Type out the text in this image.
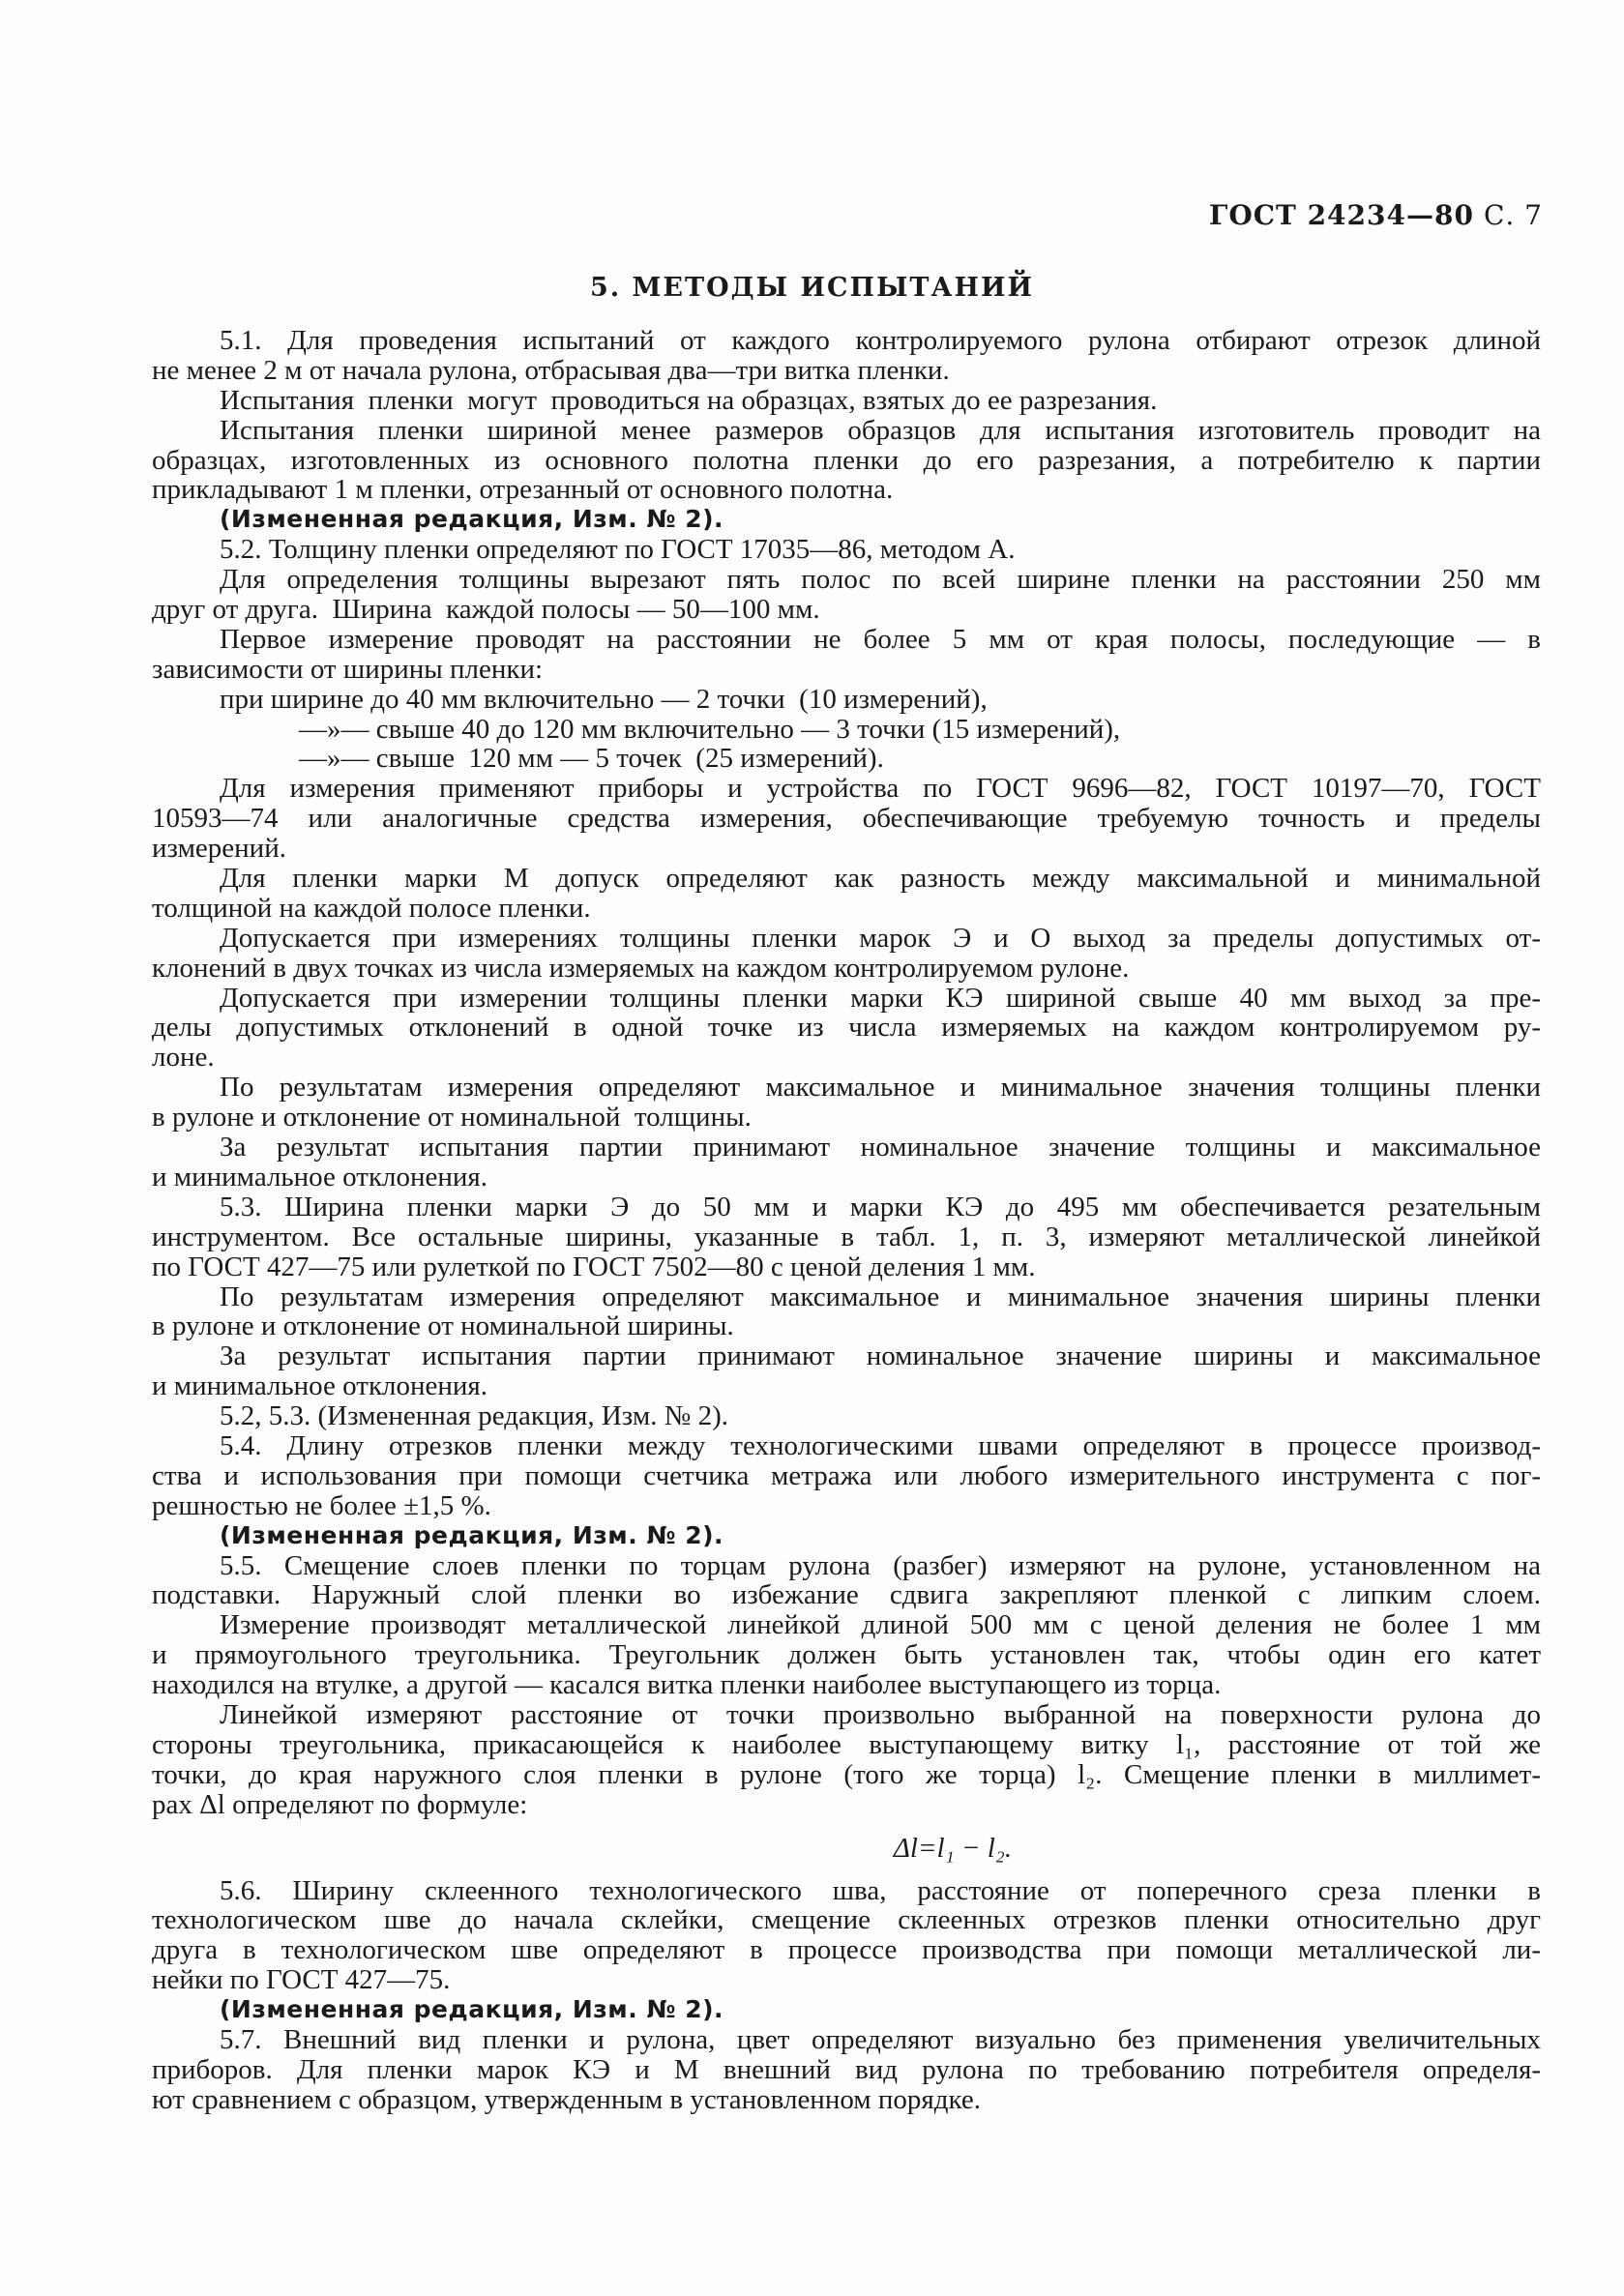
ГОСТ 24234—80 С. 7
5. МЕТОДЫ ИСПЫТАНИЙ
5.1. Для проведения испытаний от каждого контролируемого рулона отбирают отрезок длиной
не менее 2 м от начала рулона, отбрасывая два—три витка пленки.
Испытания  пленки  могут  проводиться на образцах, взятых до ее разрезания.
Испытания пленки шириной менее размеров образцов для испытания изготовитель проводит на
образцах, изготовленных из основного полотна пленки до его разрезания, а потребителю к партии
прикладывают 1 м пленки, отрезанный от основного полотна.
(Измененная редакция, Изм. № 2).
5.2. Толщину пленки определяют по ГОСТ 17035—86, методом А.
Для определения толщины вырезают пять полос по всей ширине пленки на расстоянии 250 мм
друг от друга.  Ширина  каждой полосы — 50—100 мм.
Первое измерение проводят на расстоянии не более 5 мм от края полосы, последующие — в
зависимости от ширины пленки:
при ширине до 40 мм включительно — 2 точки  (10 измерений),
—»— свыше 40 до 120 мм включительно — 3 точки (15 измерений),
—»— свыше  120 мм — 5 точек  (25 измерений).
Для измерения применяют приборы и устройства по ГОСТ 9696—82, ГОСТ 10197—70, ГОСТ
10593—74 или аналогичные средства измерения, обеспечивающие требуемую точность и пределы
измерений.
Для пленки марки М допуск определяют как разность между максимальной и минимальной
толщиной на каждой полосе пленки.
Допускается при измерениях толщины пленки марок Э и О выход за пределы допустимых от-
клонений в двух точках из числа измеряемых на каждом контролируемом рулоне.
Допускается при измерении толщины пленки марки КЭ шириной свыше 40 мм выход за пре-
делы допустимых отклонений в одной точке из числа измеряемых на каждом контролируемом ру-
лоне.
По результатам измерения определяют максимальное и минимальное значения толщины пленки
в рулоне и отклонение от номинальной  толщины.
За результат испытания партии принимают номинальное значение толщины и максимальное
и минимальное отклонения.
5.3. Ширина пленки марки Э до 50 мм и марки КЭ до 495 мм обеспечивается резательным
инструментом. Все остальные ширины, указанные в табл. 1, п. 3, измеряют металлической линейкой
по ГОСТ 427—75 или рулеткой по ГОСТ 7502—80 с ценой деления 1 мм.
По результатам измерения определяют максимальное и минимальное значения ширины пленки
в рулоне и отклонение от номинальной ширины.
За результат испытания партии принимают номинальное значение ширины и максимальное
и минимальное отклонения.
5.2, 5.3. (Измененная редакция, Изм. № 2).
5.4. Длину отрезков пленки между технологическими швами определяют в процессе производ-
ства и использования при помощи счетчика метража или любого измерительного инструмента с пог-
решностью не более ±1,5 %.
(Измененная редакция, Изм. № 2).
5.5. Смещение слоев пленки по торцам рулона (разбег) измеряют на рулоне, установленном на
подставки. Наружный слой пленки во избежание сдвига закрепляют пленкой с липким слоем.
Измерение производят металлической линейкой длиной 500 мм с ценой деления не более 1 мм
и прямоугольного треугольника. Треугольник должен быть установлен так, чтобы один его катет
находился на втулке, а другой — касался витка пленки наиболее выступающего из торца.
Линейкой измеряют расстояние от точки произвольно выбранной на поверхности рулона до
стороны треугольника, прикасающейся к наиболее выступающему витку l₁, расстояние от той же
точки, до края наружного слоя пленки в рулоне (того же торца) l₂. Смещение пленки в миллимет-
рах Δl определяют по формуле:
Δl=l₁ − l₂.
5.6. Ширину склеенного технологического шва, расстояние от поперечного среза пленки в
технологическом шве до начала склейки, смещение склеенных отрезков пленки относительно друг
друга в технологическом шве определяют в процессе производства при помощи металлической ли-
нейки по ГОСТ 427—75.
(Измененная редакция, Изм. № 2).
5.7. Внешний вид пленки и рулона, цвет определяют визуально без применения увеличительных
приборов. Для пленки марок КЭ и М внешний вид рулона по требованию потребителя определя-
ют сравнением с образцом, утвержденным в установленном порядке.
